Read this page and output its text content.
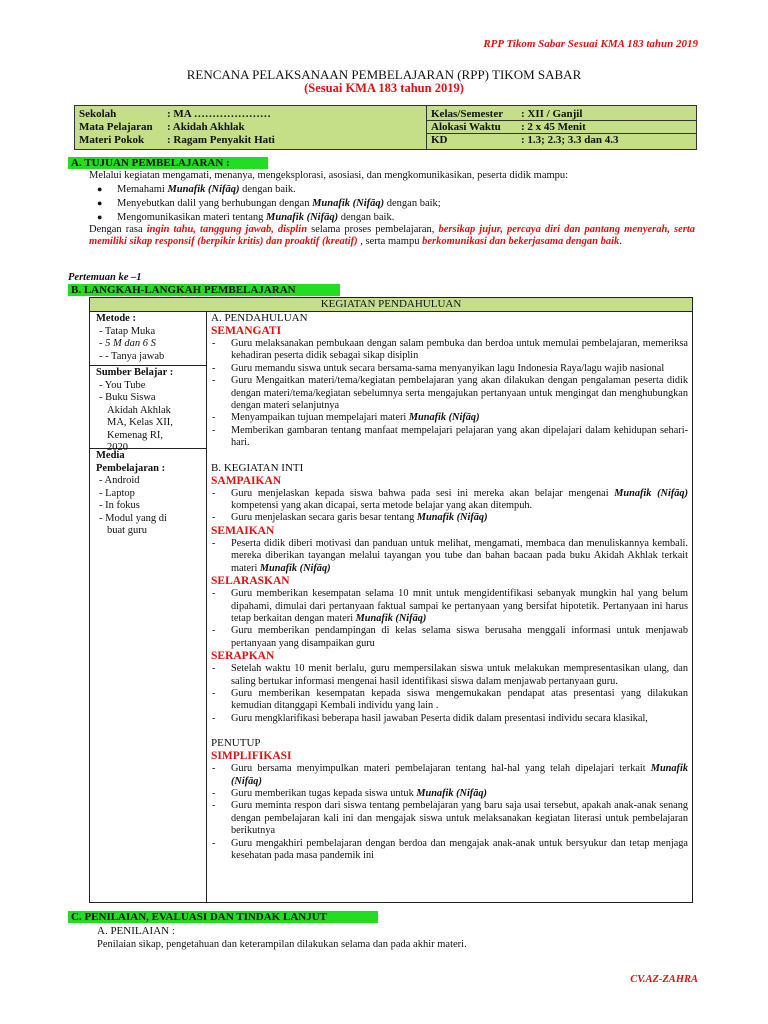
RPP Tikom Sabar Sesuai KMA 183 tahun 2019
RENCANA PELAKSANAAN PEMBELAJARAN (RPP) TIKOM SABAR
(Sesuai KMA 183 tahun 2019)
Sekolah	: MA …………………
Mata Pelajaran : Akidah Akhlak
Materi Pokok : Ragam Penyakit Hati
Kelas/Semester : XII / Ganjil
Alokasi Waktu : 2 x 45 Menit
KD	: 1.3; 2.3; 3.3 dan 4.3
A. TUJUAN PEMBELAJARAN :
Melalui kegiatan mengamati, menanya, mengeksplorasi, asosiasi, dan mengkomunikasikan, peserta didik mampu:
● Memahami Munafik (Nifāq) dengan baik.
● Menyebutkan dalil yang berhubungan dengan Munafik (Nifāq) dengan baik;
● Mengomunikasikan materi tentang Munafik (Nifāq) dengan baik.
Dengan rasa ingin tahu, tanggung jawab, displin selama proses pembelajaran, bersikap jujur, percaya diri dan pantang menyerah, serta memiliki sikap responsif (berpikir kritis) dan proaktif (kreatif) , serta mampu berkomunikasi dan bekerjasama dengan baik.
Pertemuan ke –1
B. LANGKAH-LANGKAH PEMBELAJARAN
KEGIATAN PENDAHULUAN
Metode :
- Tatap Muka
- 5 M dan 6 S
- - Tanya jawab
Sumber Belajar :
- You Tube
- Buku Siswa
Akidah Akhlak
MA, Kelas XII,
Kemenag RI,
2020
Media
Pembelajaran :
- Android
- Laptop
- In fokus
- Modul yang di
buat guru
A. PENDAHULUAN
SEMANGATI
- Guru melaksanakan pembukaan dengan salam pembuka dan berdoa untuk memulai pembelajaran, memeriksa kehadiran peserta didik sebagai sikap disiplin
- Guru memandu siswa untuk secara bersama-sama menyanyikan lagu Indonesia Raya/lagu wajib nasional
- Guru Mengaitkan materi/tema/kegiatan pembelajaran yang akan dilakukan dengan pengalaman peserta didik dengan materi/tema/kegiatan sebelumnya serta mengajukan pertanyaan untuk mengingat dan menghubungkan dengan materi selanjutnya
- Menyampaikan tujuan mempelajari materi Munafik (Nifāq)
- Memberikan gambaran tentang manfaat mempelajari pelajaran yang akan dipelajari dalam kehidupan sehari-hari.
B. KEGIATAN INTI
SAMPAIKAN
- Guru menjelaskan kepada siswa bahwa pada sesi ini mereka akan belajar mengenai Munafik (Nifāq) kompetensi yang akan dicapai, serta metode belajar yang akan ditempuh.
- Guru menjelaskan secara garis besar tentang Munafik (Nifāq)
SEMAIKAN
- Peserta didik diberi motivasi dan panduan untuk melihat, mengamati, membaca dan menuliskannya kembali. mereka diberikan tayangan melalui tayangan you tube dan bahan bacaan pada buku Akidah Akhlak terkait materi Munafik (Nifāq)
SELARASKAN
- Guru memberikan kesempatan selama 10 mnit untuk mengidentifikasi sebanyak mungkin hal yang belum dipahami, dimulai dari pertanyaan faktual sampai ke pertanyaan yang bersifat hipotetik. Pertanyaan ini harus tetap berkaitan dengan materi Munafik (Nifāq)
- Guru memberikan pendampingan di kelas selama siswa berusaha menggali informasi untuk menjawab pertanyaan yang disampaikan guru
SERAPKAN
- Setelah waktu 10 menit berlalu, guru mempersilakan siswa untuk melakukan mempresentasikan ulang, dan saling bertukar informasi mengenai hasil identifikasi siswa dalam menjawab pertanyaan guru.
- Guru memberikan kesempatan kepada siswa mengemukakan pendapat atas presentasi yang dilakukan kemudian ditanggapi Kembali individu yang lain .
- Guru mengklarifikasi beberapa hasil jawaban Peserta didik dalam presentasi individu secara klasikal,
PENUTUP
SIMPLIFIKASI
- Guru bersama menyimpulkan materi pembelajaran tentang hal-hal yang telah dipelajari terkait Munafik (Nifāq)
- Guru memberikan tugas kepada siswa untuk Munafik (Nifāq)
- Guru meminta respon dari siswa tentang pembelajaran yang baru saja usai tersebut, apakah anak-anak senang dengan pembelajaran kali ini dan mengajak siswa untuk melaksanakan kegiatan literasi untuk pembelajaran berikutnya
- Guru mengakhiri pembelajaran dengan berdoa dan mengajak anak-anak untuk bersyukur dan tetap menjaga kesehatan pada masa pandemik ini
C. PENILAIAN, EVALUASI DAN TINDAK LANJUT
A. PENILAIAN :
Penilaian sikap, pengetahuan dan keterampilan dilakukan selama dan pada akhir materi.
CV.AZ-ZAHRA
